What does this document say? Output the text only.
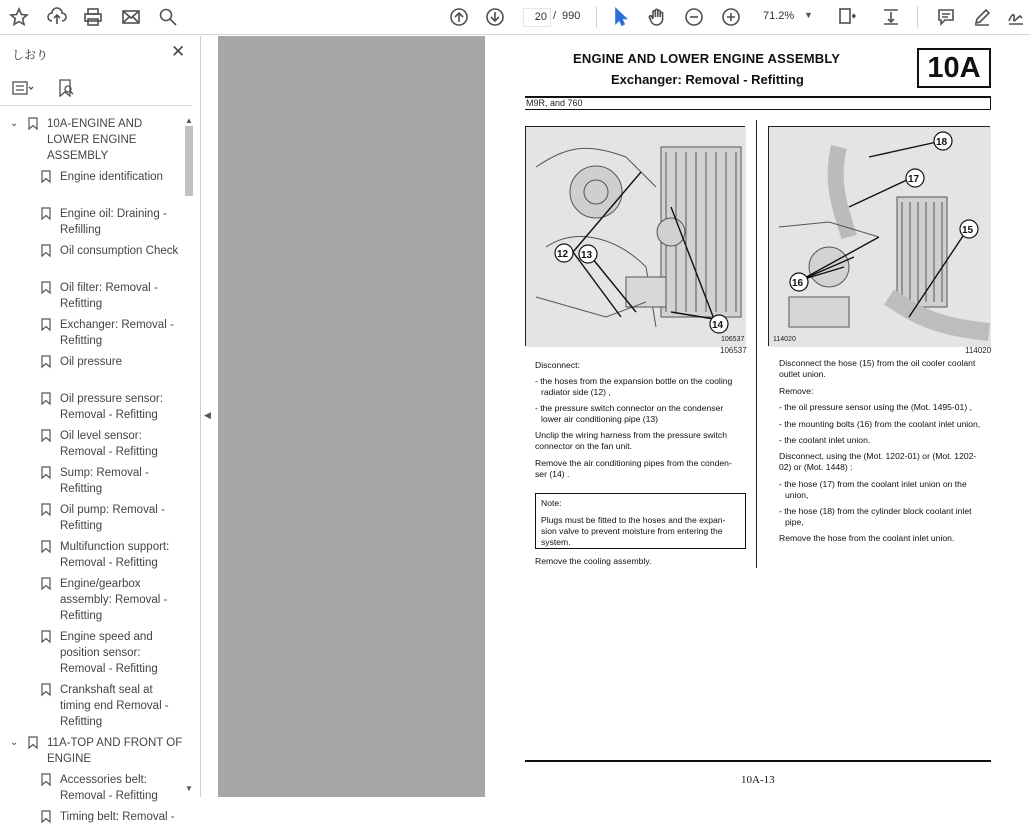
20 / 990	71.2%	▼
しおり	✕
⌄ 10A-ENGINE AND
LOWER ENGINE
ASSEMBLY
Engine identification
Engine oil: Draining -
Refilling
Oil consumption Check
Oil filter: Removal -
Refitting
Exchanger: Removal -
Refitting
Oil pressure
Oil pressure sensor:
Removal - Refitting
Oil level sensor:
Removal - Refitting
Sump: Removal -
Refitting
Oil pump: Removal -
Refitting
Multifunction support:
Removal - Refitting
Engine/gearbox
assembly: Removal -
Refitting
Engine speed and
position sensor:
Removal - Refitting
Crankshaft seal at
timing end Removal -
Refitting
⌄ 11A-TOP AND FRONT OF
ENGINE
Accessories belt:
Removal - Refitting
Timing belt: Removal -
▲
▼
◀
ENGINE AND LOWER ENGINE ASSEMBLY
Exchanger: Removal - Refitting	10A
M9R, and 760
12 13
14
106537
106537
18
17
15
16
114020
114020
Disconnect:
- the hoses from the expansion bottle on the cooling
radiator side (12) ,
- the pressure switch connector on the condenser
lower air conditioning pipe (13)
Unclip the wiring harness from the pressure switch
connector on the fan unit.
Remove the air conditioning pipes from the conden-
ser (14) .
Note:
Plugs must be fitted to the hoses and the expan-
sion valve to prevent moisture from entering the
system.
Remove the cooling assembly.
Disconnect the hose (15) from the oil cooler coolant
outlet union.
Remove:
- the oil pressure sensor using the (Mot. 1495-01) ,
- the mounting bolts (16) from the coolant inlet union,
- the coolant inlet union.
Disconnect, using the (Mot. 1202-01) or (Mot. 1202-
02) or (Mot. 1448) :
- the hose (17) from the coolant inlet union on the
union,
- the hose (18) from the cylinder block coolant inlet
pipe,
Remove the hose from the coolant inlet union.
10A-13
